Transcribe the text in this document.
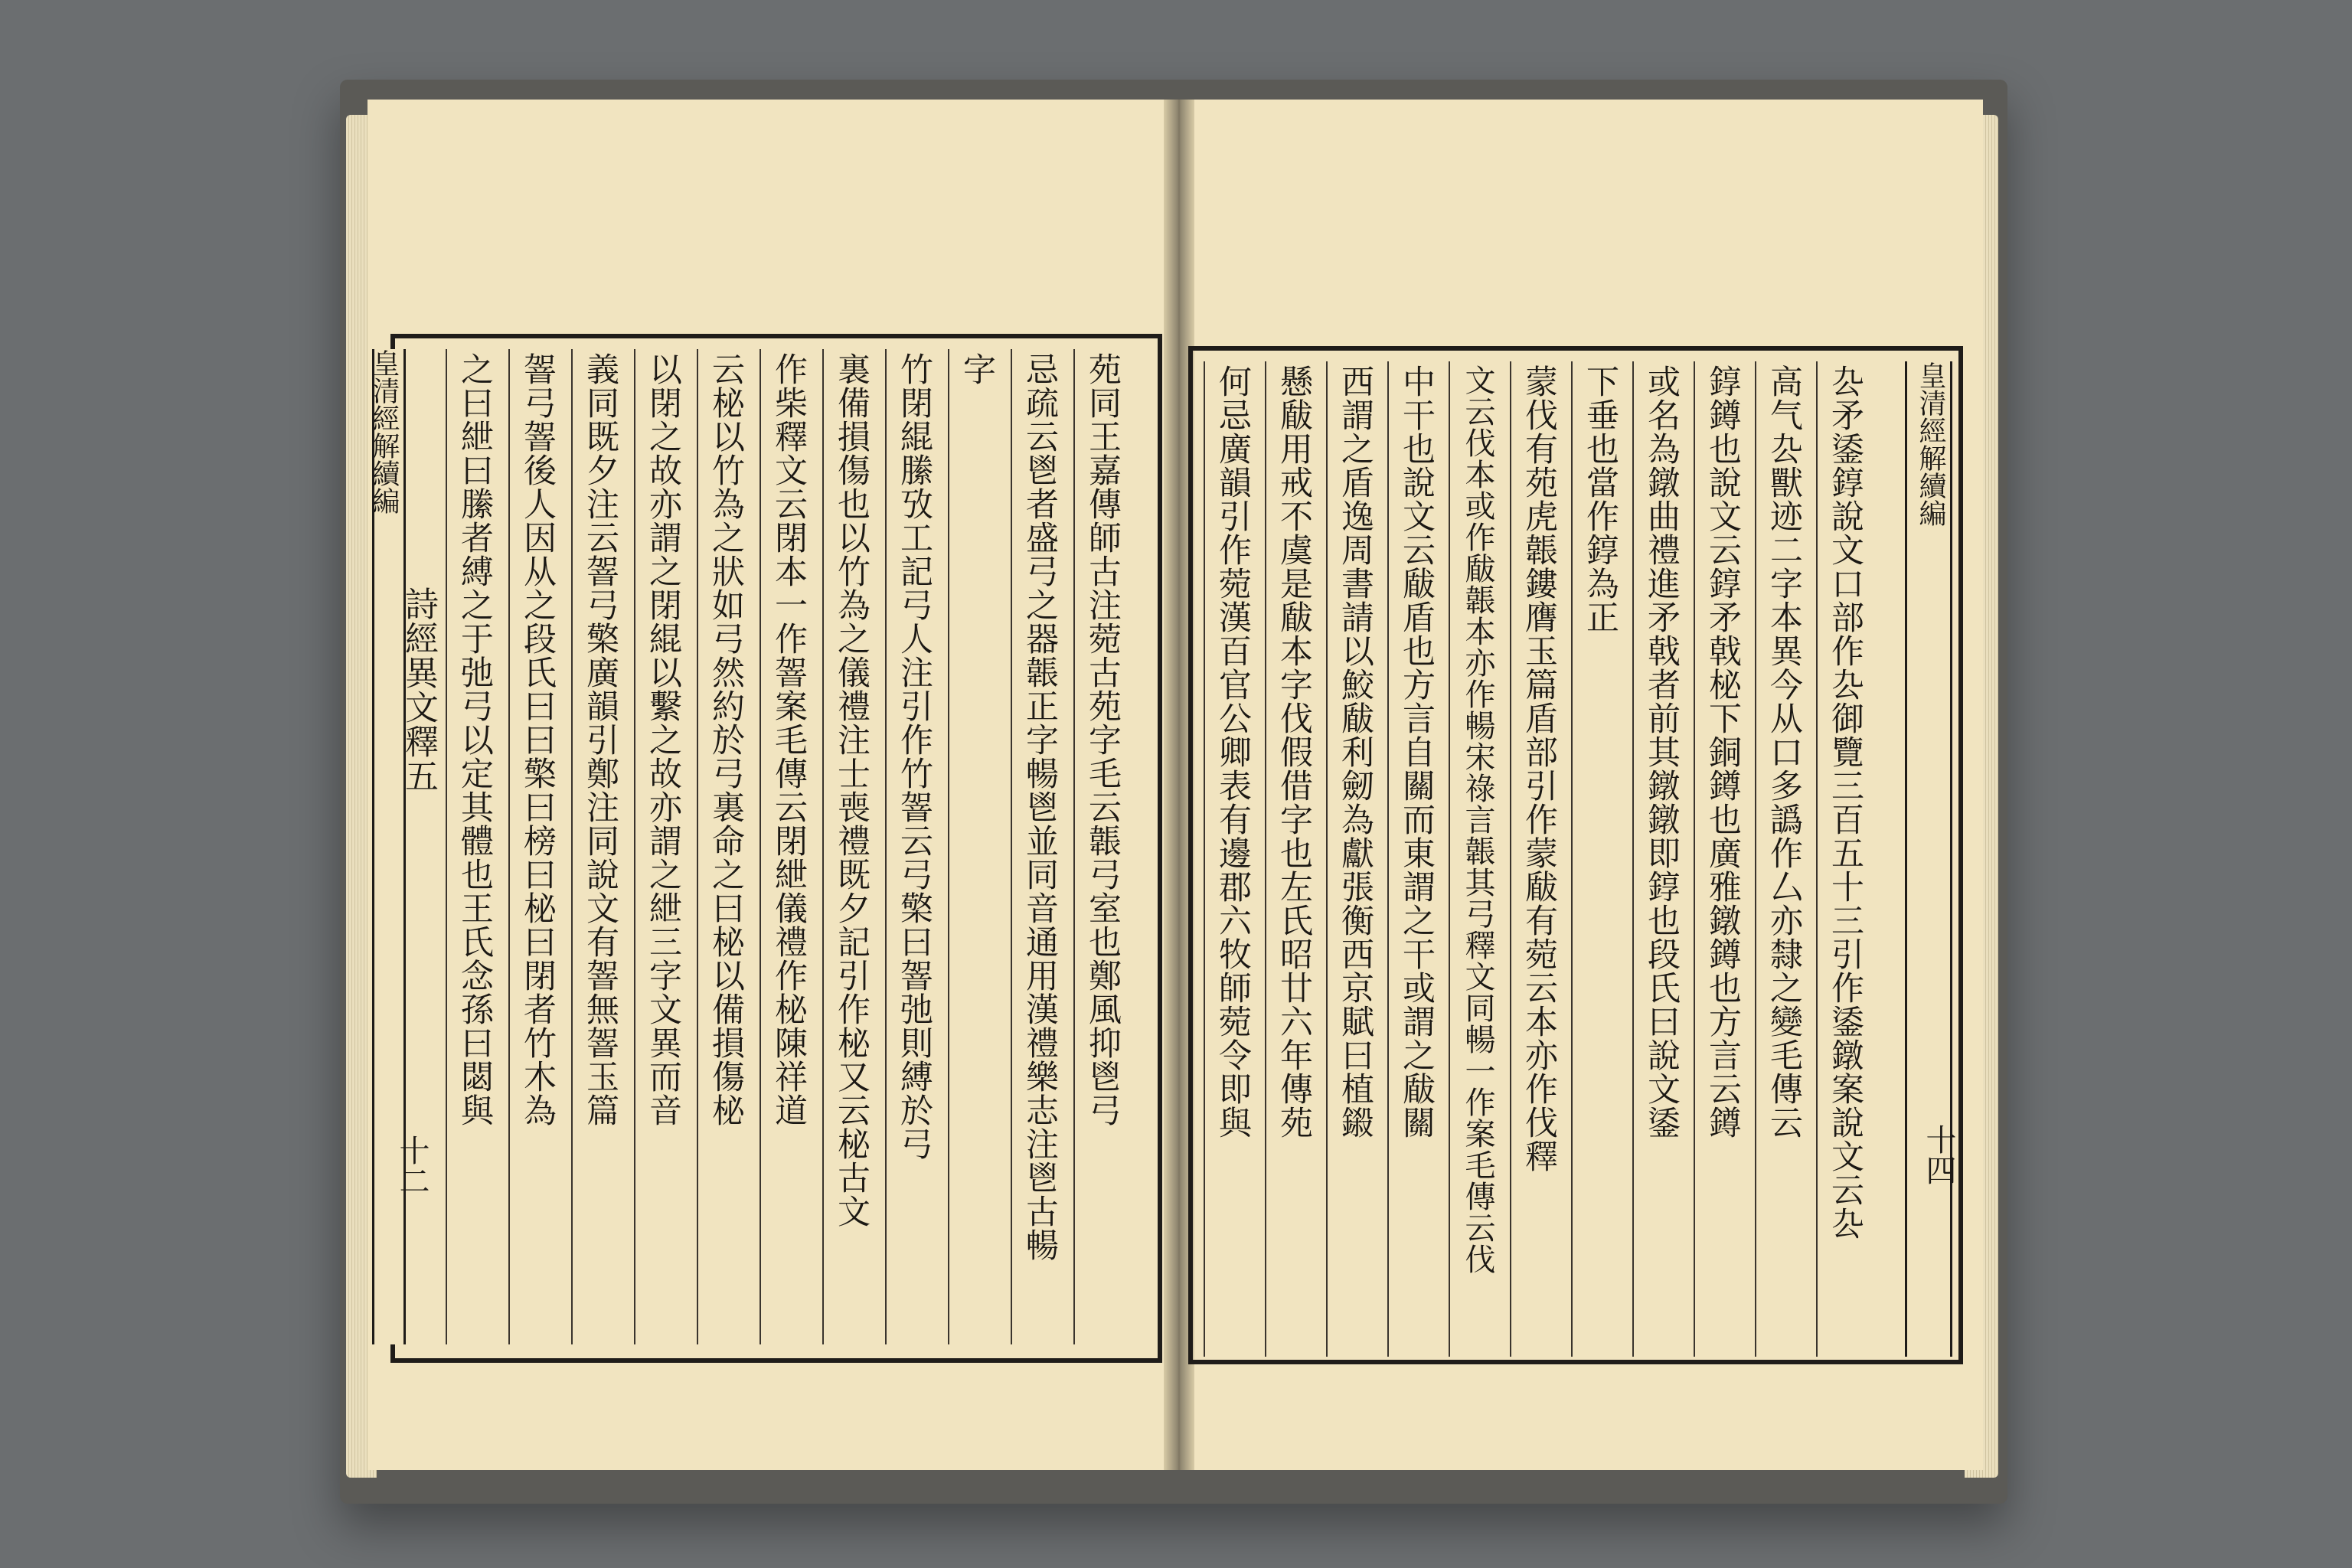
皇清經解續編
詩經異文釋五
十二
之曰紲曰縢者縛之于弛弓以定其體也王氏念孫曰閟與 䪪弓䪪後人因从之段氏曰曰檠曰榜曰柲曰閉者竹木為 義同既夕注云䪪弓檠廣韻引鄭注同說文有䪪無䪪玉篇 以閉之故亦謂之閉緄以繫之故亦謂之紲三字文異而音 云柲以竹為之狀如弓然約於弓裏命之曰柲以備損傷柲 作柴釋文云閉本一作䪪案毛傳云閉紲儀禮作柲陳祥道 裏備損傷也以竹為之儀禮注士喪禮既夕記引作柲又云柲古文 竹閉緄縢攷工記弓人注引作竹䪪云弓檠曰䪪弛則縛於弓 字 忌疏云鬯者盛弓之器韔正字暢鬯並同音通用漢禮樂志注鬯古暢 苑同王嘉傳師古注菀古苑字毛云韔弓室也鄭風抑鬯弓	何忌廣韻引作菀漢百官公卿表有邊郡六牧師菀令即與 懸瞂用戒不虞是瞂本字伐假借字也左氏昭廿六年傳苑 西謂之盾逸周書請以鮫瞂利劒為獻張衡西京賦曰植鎩 中干也說文云瞂盾也方言自關而東謂之干或謂之瞂關 文云伐本或作瞂韔本亦作暢宋祿言韔其弓釋文同暢一作案毛傳云伐 蒙伐有苑虎韔鏤膺玉篇盾部引作蒙瞂有菀云本亦作伐釋 下垂也當作錞為正 或名為鐓曲禮進矛戟者前其鐓鐓即錞也段氏曰說文鋈 錞鐏也說文云錞矛戟柲下銅鐏也廣雅鐓鐏也方言云鐏 高气厹獸迹二字本異今从口多譌作厶亦隸之變毛傳云 厹矛鋈錞說文口部作厹御覽三百五十三引作鋈鐓案說文云厹	皇清經解續編
十四
